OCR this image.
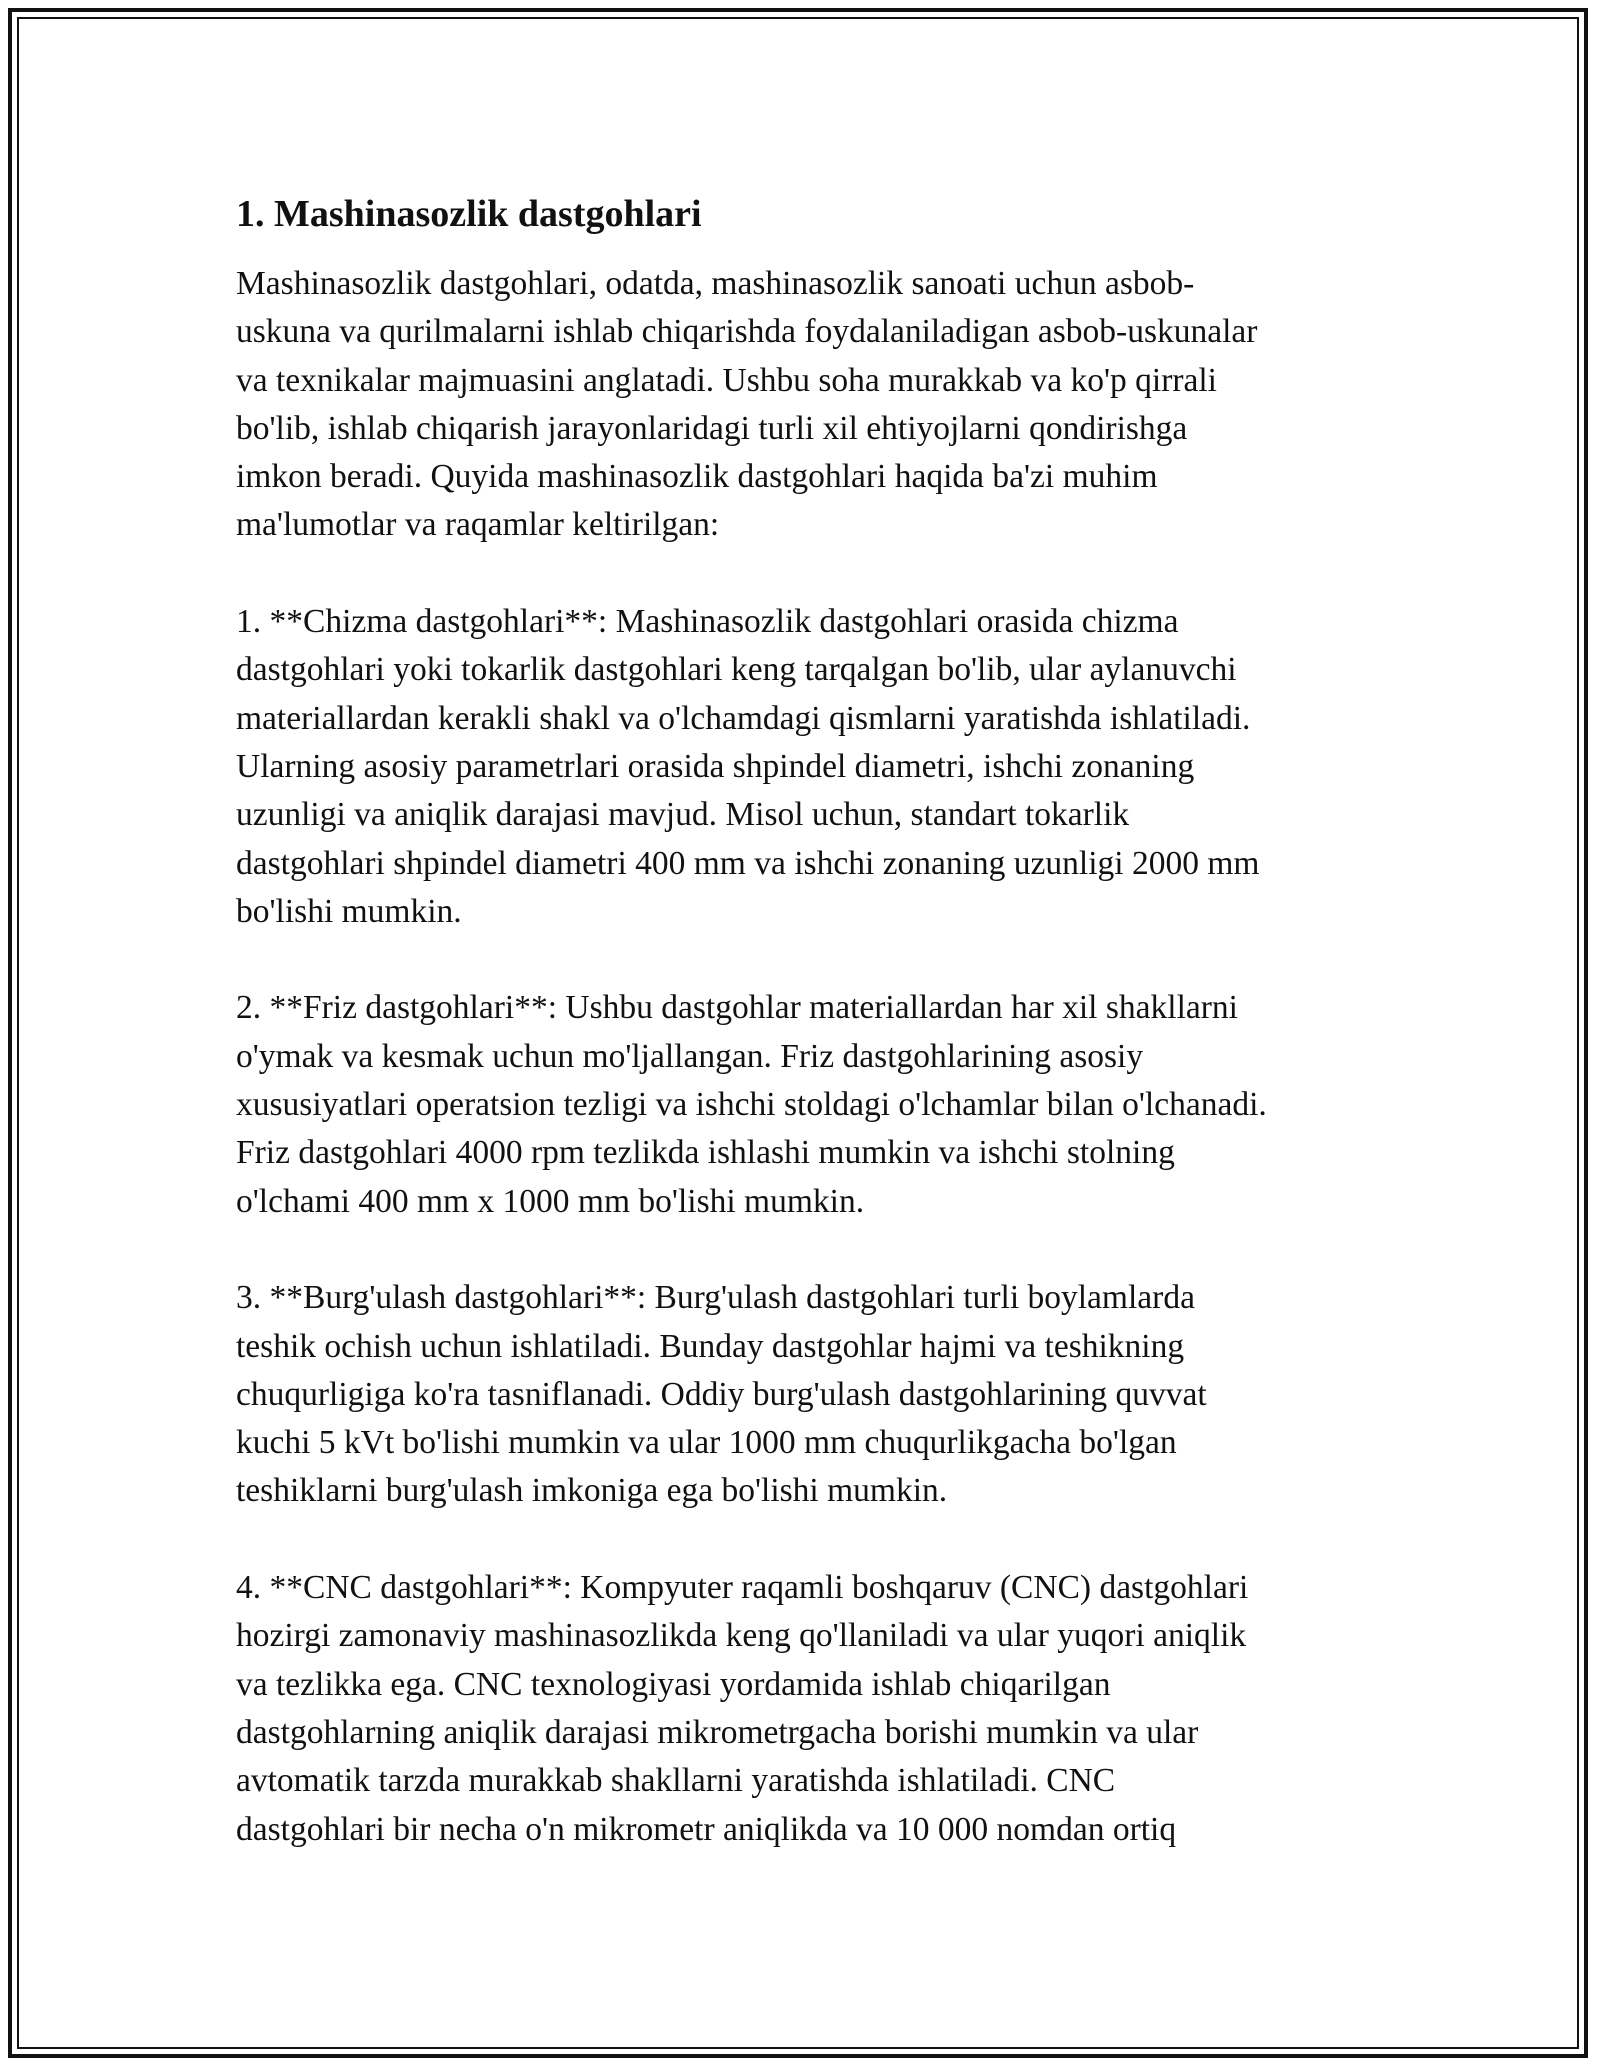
1. Mashinasozlik dastgohlari

Mashinasozlik dastgohlari, odatda, mashinasozlik sanoati uchun asbob-
uskuna va qurilmalarni ishlab chiqarishda foydalaniladigan asbob-uskunalar
va texnikalar majmuasini anglatadi. Ushbu soha murakkab va ko'p qirrali
bo'lib, ishlab chiqarish jarayonlaridagi turli xil ehtiyojlarni qondirishga
imkon beradi. Quyida mashinasozlik dastgohlari haqida ba'zi muhim
ma'lumotlar va raqamlar keltirilgan:

1. **Chizma dastgohlari**: Mashinasozlik dastgohlari orasida chizma
dastgohlari yoki tokarlik dastgohlari keng tarqalgan bo'lib, ular aylanuvchi
materiallardan kerakli shakl va o'lchamdagi qismlarni yaratishda ishlatiladi.
Ularning asosiy parametrlari orasida shpindel diametri, ishchi zonaning
uzunligi va aniqlik darajasi mavjud. Misol uchun, standart tokarlik
dastgohlari shpindel diametri 400 mm va ishchi zonaning uzunligi 2000 mm
bo'lishi mumkin.

2. **Friz dastgohlari**: Ushbu dastgohlar materiallardan har xil shakllarni
o'ymak va kesmak uchun mo'ljallangan. Friz dastgohlarining asosiy
xususiyatlari operatsion tezligi va ishchi stoldagi o'lchamlar bilan o'lchanadi.
Friz dastgohlari 4000 rpm tezlikda ishlashi mumkin va ishchi stolning
o'lchami 400 mm x 1000 mm bo'lishi mumkin.

3. **Burg'ulash dastgohlari**: Burg'ulash dastgohlari turli boylamlarda
teshik ochish uchun ishlatiladi. Bunday dastgohlar hajmi va teshikning
chuqurligiga ko'ra tasniflanadi. Oddiy burg'ulash dastgohlarining quvvat
kuchi 5 kVt bo'lishi mumkin va ular 1000 mm chuqurlikgacha bo'lgan
teshiklarni burg'ulash imkoniga ega bo'lishi mumkin.

4. **CNC dastgohlari**: Kompyuter raqamli boshqaruv (CNC) dastgohlari
hozirgi zamonaviy mashinasozlikda keng qo'llaniladi va ular yuqori aniqlik
va tezlikka ega. CNC texnologiyasi yordamida ishlab chiqarilgan
dastgohlarning aniqlik darajasi mikrometrgacha borishi mumkin va ular
avtomatik tarzda murakkab shakllarni yaratishda ishlatiladi. CNC
dastgohlari bir necha o'n mikrometr aniqlikda va 10 000 nomdan ortiq
